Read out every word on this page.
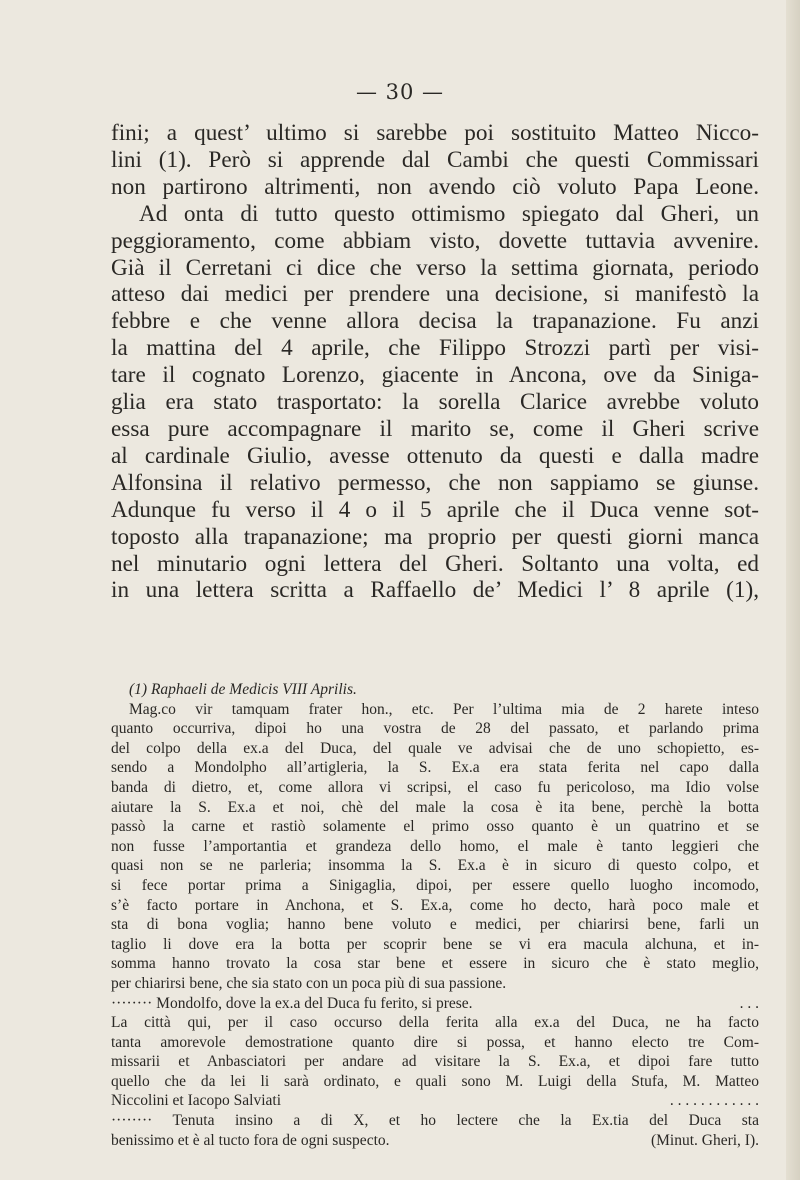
— 30 —
fini; a quest’ ultimo si sarebbe poi sostituito Matteo Nicco-
lini (1). Però si apprende dal Cambi che questi Commissari
non partirono altrimenti, non avendo ciò voluto Papa Leone.
Ad onta di tutto questo ottimismo spiegato dal Gheri, un
peggioramento, come abbiam visto, dovette tuttavia avvenire.
Già il Cerretani ci dice che verso la settima giornata, periodo
atteso dai medici per prendere una decisione, si manifestò la
febbre e che venne allora decisa la trapanazione. Fu anzi
la mattina del 4 aprile, che Filippo Strozzi partì per visi-
tare il cognato Lorenzo, giacente in Ancona, ove da Siniga-
glia era stato trasportato: la sorella Clarice avrebbe voluto
essa pure accompagnare il marito se, come il Gheri scrive
al cardinale Giulio, avesse ottenuto da questi e dalla madre
Alfonsina il relativo permesso, che non sappiamo se giunse.
Adunque fu verso il 4 o il 5 aprile che il Duca venne sot-
toposto alla trapanazione; ma proprio per questi giorni manca
nel minutario ogni lettera del Gheri. Soltanto una volta, ed
in una lettera scritta a Raffaello de’ Medici l’ 8 aprile (1),
(1) Raphaeli de Medicis VIII Aprilis.
Mag.co vir tamquam frater hon., etc. Per l’ultima mia de 2 harete inteso
quanto occurriva, dipoi ho una vostra de 28 del passato, et parlando prima
del colpo della ex.a del Duca, del quale ve advisai che de uno schopietto, es-
sendo a Mondolpho all’artigleria, la S. Ex.a era stata ferita nel capo dalla
banda di dietro, et, come allora vi scripsi, el caso fu pericoloso, ma Idio volse
aiutare la S. Ex.a et noi, chè del male la cosa è ita bene, perchè la botta
passò la carne et rastiò solamente el primo osso quanto è un quatrino et se
non fusse l’amportantia et grandeza dello homo, el male è tanto leggieri che
quasi non se ne parleria; insomma la S. Ex.a è in sicuro di questo colpo, et
si fece portar prima a Sinigaglia, dipoi, per essere quello luogho incomodo,
s’è facto portare in Anchona, et S. Ex.a, come ho decto, harà poco male et
sta di bona voglia; hanno bene voluto e medici, per chiarirsi bene, farli un
taglio li dove era la botta per scoprir bene se vi era macula alchuna, et in-
somma hanno trovato la cosa star bene et essere in sicuro che è stato meglio,
per chiarirsi bene, che sia stato con un poca più di sua passione.
········ Mondolfo, dove la ex.a del Duca fu ferito, si prese.	. . .
La città qui, per il caso occurso della ferita alla ex.a del Duca, ne ha facto
tanta amorevole demostratione quanto dire si possa, et hanno electo tre Com-
missarii et Anbasciatori per andare ad visitare la S. Ex.a, et dipoi fare tutto
quello che da lei li sarà ordinato, e quali sono M. Luigi della Stufa, M. Matteo
Niccolini et Iacopo Salviati	. . . . . . . . . . . .
········ Tenuta insino a di X, et ho lectere che la Ex.tia del Duca sta
benissimo et è al tucto fora de ogni suspecto.	(Minut. Gheri, I).
